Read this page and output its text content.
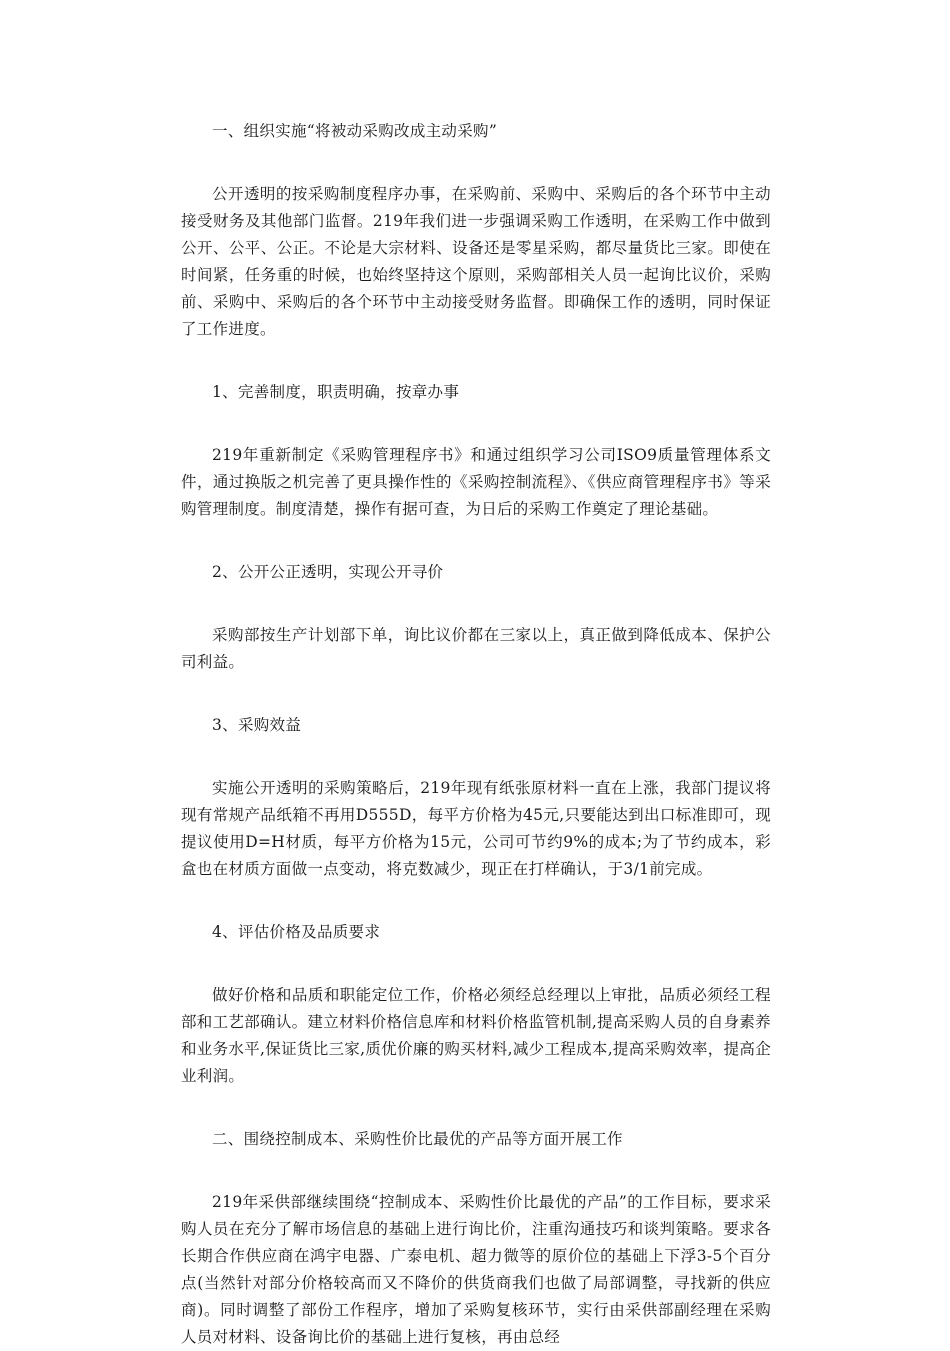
一、组织实施“将被动采购改成主动采购”

公开透明的按采购制度程序办事，在采购前、采购中、采购后的各个环节中主动接受财务及其他部门监督。219年我们进一步强调采购工作透明，在采购工作中做到公开、公平、公正。不论是大宗材料、设备还是零星采购，都尽量货比三家。即使在时间紧，任务重的时候，也始终坚持这个原则，采购部相关人员一起询比议价，采购前、采购中、采购后的各个环节中主动接受财务监督。即确保工作的透明，同时保证了工作进度。

1、完善制度，职责明确，按章办事

219年重新制定《采购管理程序书》和通过组织学习公司ISO9质量管理体系文件，通过换版之机完善了更具操作性的《采购控制流程》、《供应商管理程序书》等采购管理制度。制度清楚，操作有据可查，为日后的采购工作奠定了理论基础。

2、公开公正透明，实现公开寻价

采购部按生产计划部下单，询比议价都在三家以上，真正做到降低成本、保护公司利益。

3、采购效益

实施公开透明的采购策略后，219年现有纸张原材料一直在上涨，我部门提议将现有常规产品纸箱不再用D555D，每平方价格为45元,只要能达到出口标准即可，现提议使用D=H材质，每平方价格为15元，公司可节约9%的成本;为了节约成本，彩盒也在材质方面做一点变动，将克数减少，现正在打样确认，于3/1前完成。

4、评估价格及品质要求

做好价格和品质和职能定位工作，价格必须经总经理以上审批，品质必须经工程部和工艺部确认。建立材料价格信息库和材料价格监管机制,提高采购人员的自身素养和业务水平,保证货比三家,质优价廉的购买材料,减少工程成本,提高采购效率，提高企业利润。

二、围绕控制成本、采购性价比最优的产品等方面开展工作

219年采供部继续围绕“控制成本、采购性价比最优的产品”的工作目标，要求采购人员在充分了解市场信息的基础上进行询比价，注重沟通技巧和谈判策略。要求各长期合作供应商在鸿宇电器、广泰电机、超力微等的原价位的基础上下浮3-5个百分点(当然针对部分价格较高而又不降价的供货商我们也做了局部调整，寻找新的供应商)。同时调整了部份工作程序，增加了采购复核环节，实行由采供部副经理在采购人员对材料、设备询比价的基础上进行复核，再由总经
